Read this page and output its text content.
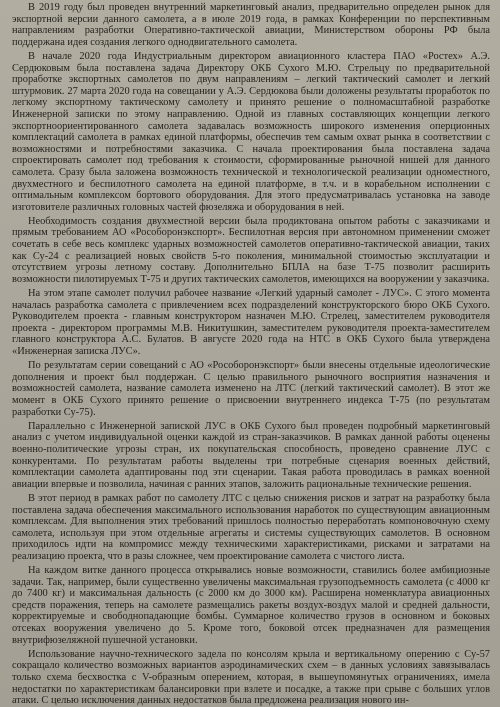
В 2019 году был проведен внутренний маркетинговый анализ, предварительно определен рынок для экспортной версии данного самолета, а в июле 2019 года, в рамках Конференции по перспективным направлениям разработки Оперативно-тактической авиации, Министерством обороны РФ была поддержана идея создания легкого однодвигательного самолета.

В начале 2020 года Индустриальным директором авиационного кластера ПАО «Ростех» А.Э. Сердюковым была поставлена задача Директору ОКБ Сухого М.Ю. Стрельцу по предварительной проработке экспортных самолетов по двум направлениям – легкий тактический самолет и легкий штурмовик. 27 марта 2020 года на совещании у А.Э. Сердюкова были доложены результаты проработок по легкому экспортному тактическому самолету и принято решение о полномасштабной разработке Инженерной записки по этому направлению. Одной из главных составляющих концепции легкого экспортноориентированного самолета задавалась возможность широкого изменения оперционных комплектаций самолета в рамках единой платформы, обеспечив тем самым охват рынка в соответствии с возможностями и потребностями заказчика. С начала проектирования была поставлена задача спроектировать самолет под требования к стоимости, сформированные рыночной нишей для данного самолета. Сразу была заложена возможность технической и технологической реализации одноместного, двухместного и беспилотного самолета на единой платформе, в т.ч. и в корабельном исполнении с оптимальным комплексом бортового оборудования. Для этого предусматривалась установка на заводе изготовителе различных головных частей фюзеляжа и оборудования в ней.

Необходимость создания двухместной версии была продиктована опытом работы с заказчиками и прямым требованием АО «Рособоронэкспорт». Беспилотная версия при автономном применении сможет сочетать в себе весь комплекс ударных возможностей самолетов оперативно-тактической авиации, таких как Су-24 с реализацией новых свойств 5-го поколения, минимальной стоимостью эксплуатации и отсутствием угрозы летному составу. Дополнительно БПЛА на базе Т-75 позволит расширить возможности пилотируемых Т-75 и других тактических самолетов, имеющихся на вооружении у заказчика.

На этом этапе самолет получил рабочее название «Легкий ударный самолет - ЛУС». С этого момента началась разработка самолета с привлечением всех подразделений конструкторского бюро ОКБ Сухого. Руководителем проекта - главным конструктором назначен М.Ю. Стрелец, заместителем руководителя проекта - директором программы М.В. Никитушкин, заместителем руководителя проекта-заместителем главного конструктора А.С. Булатов. В августе 2020 года на НТС в ОКБ Сухого была утверждена «Инженерная записка ЛУС».

По результатам серии совещаний с АО «Рособоронэкспорт» были внесены отдельные идеологические дополнения и проект был поддержан. С целью правильного рыночного восприятия назначения и возможностей самолета, название самолета изменено на ЛТС (легкий тактический самолет). В этот же момент в ОКБ Сухого принято решение о присвоении внутреннего индекса Т-75 (по результатам разработки Су-75).

Параллельно с Инженерной запиской ЛУС в ОКБ Сухого был проведен подробный маркетинговый анализ с учетом индивидуальной оценки каждой из стран-заказчиков. В рамках данной работы оценены военно-политические угрозы стран, их покупательская способность, проведено сравнение ЛУС с конкурентами. По результатам работы выделены три потребные сценария военных действий, комплектации самолета адаптированы под эти сценарии. Такая работа проводилась в рамках военной авиации впервые и позволила, начиная с ранних этапов, заложить рациональные технические решения.

В этот период в рамках работ по самолету ЛТС с целью снижения рисков и затрат на разработку была поставлена задача обеспечения максимального использования наработок по существующим авиационным комплексам. Для выполнения этих требований пришлось полностью переработать компоновочную схему самолета, используя при этом отдельные агрегаты и системы существующих самолетов. В основном приходилось идти на компромисс между техническими характеристиками, рисками и затратами на реализацию проекта, что в разы сложнее, чем проектирование самолета с чистого листа.

На каждом витке данного процесса открывались новые возможности, ставились более амбициозные задачи. Так, например, были существенно увеличены максимальная грузоподъемность самолета (с 4000 кг до 7400 кг) и максимальная дальность (с 2000 км до 3000 км). Расширена номенклатура авиационных средств поражения, теперь на самолете размещались ракеты воздух-воздух малой и средней дальности, корректируемые и свободнопадающие бомбы. Суммарное количество грузов в основном и боковых отсеках вооружения увеличено до 5. Кроме того, боковой отсек предназначен для размещения внутрифюзеляжной пушечной установки.

Использование научно-технического задела по консолям крыла и вертикальному оперению с Су-57 сокращало количество возможных вариантов аэродинамических схем – в данных условиях завязывалась только схема бесхвостка с V-образным оперением, которая, в вышеупомянутых ограничениях, имела недостатки по характеристикам балансировки при взлете и посадке, а также при срыве с больших углов атаки. С целью исключения данных недостатков была предложена реализация нового ин-
